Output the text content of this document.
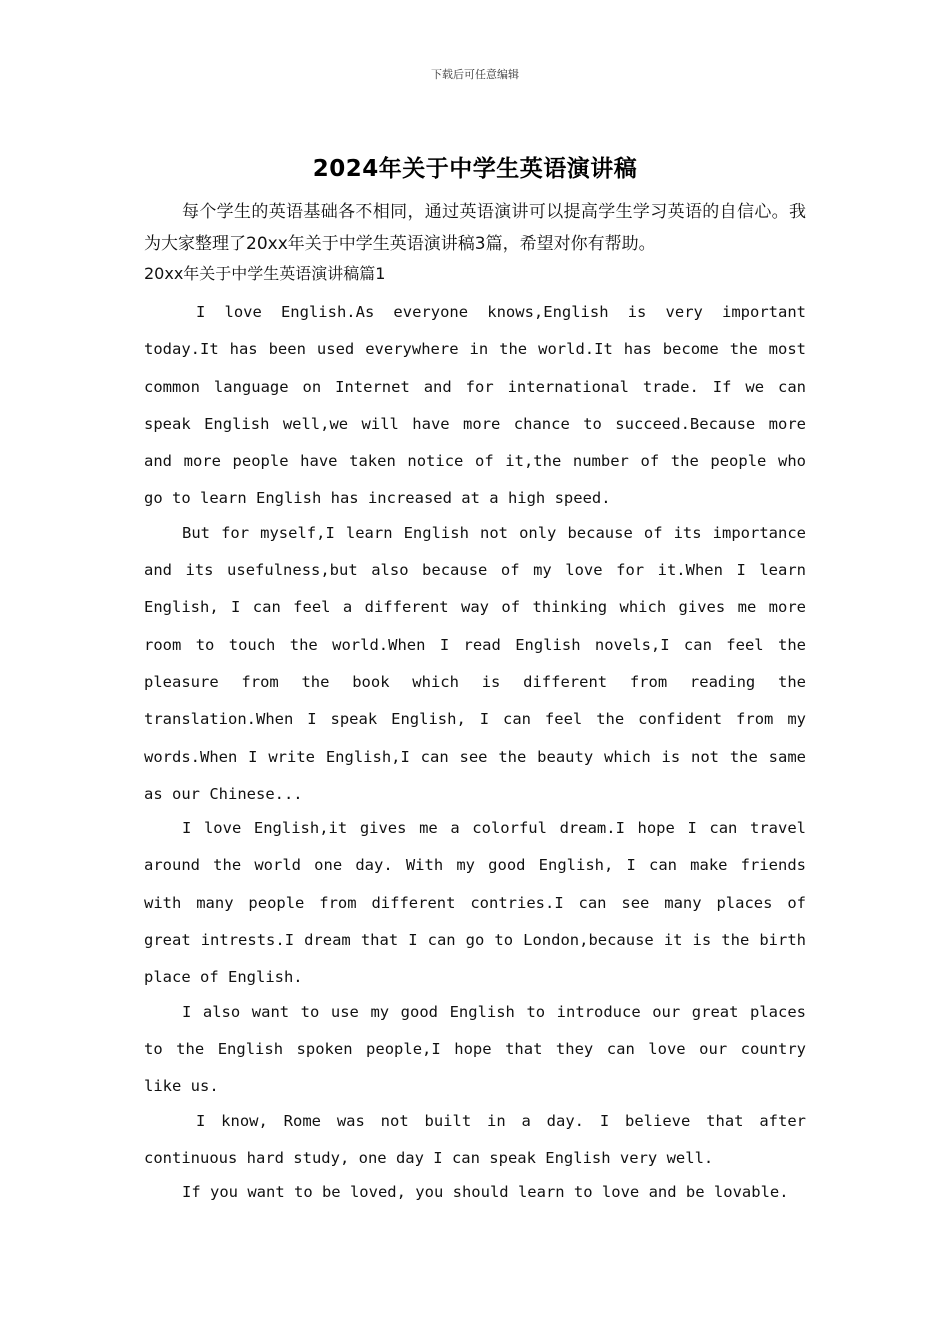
下载后可任意编辑
2024年关于中学生英语演讲稿

每个学生的英语基础各不相同，通过英语演讲可以提高学生学习英语的自信心。我为大家整理了20xx年关于中学生英语演讲稿3篇，希望对你有帮助。

20xx年关于中学生英语演讲稿篇1

I love English.As everyone knows,English is very important today.It has been used everywhere in the world.It has become the most common language on Internet and for international trade. If we can speak English well,we will have more chance to succeed.Because more and more people have taken notice of it,the number of the people who go to learn English has increased at a high speed.

But for myself,I learn English not only because of its importance and its usefulness,but also because of my love for it.When I learn English, I can feel a different way of thinking which gives me more room to touch the world.When I read English novels,I can feel the pleasure from the book which is different from reading the translation.When I speak English, I can feel the confident from my words.When I write English,I can see the beauty which is not the same as our Chinese...

I love English,it gives me a colorful dream.I hope I can travel around the world one day. With my good English, I can make friends with many people from different contries.I can see many places of great intrests.I dream that I can go to London,because it is the birth place of English.

I also want to use my good English to introduce our great places to the English spoken people,I hope that they can love our country like us.

I know, Rome was not built in a day. I believe that after continuous hard study, one day I can speak English very well.

If you want to be loved, you should learn to love and be lovable.
